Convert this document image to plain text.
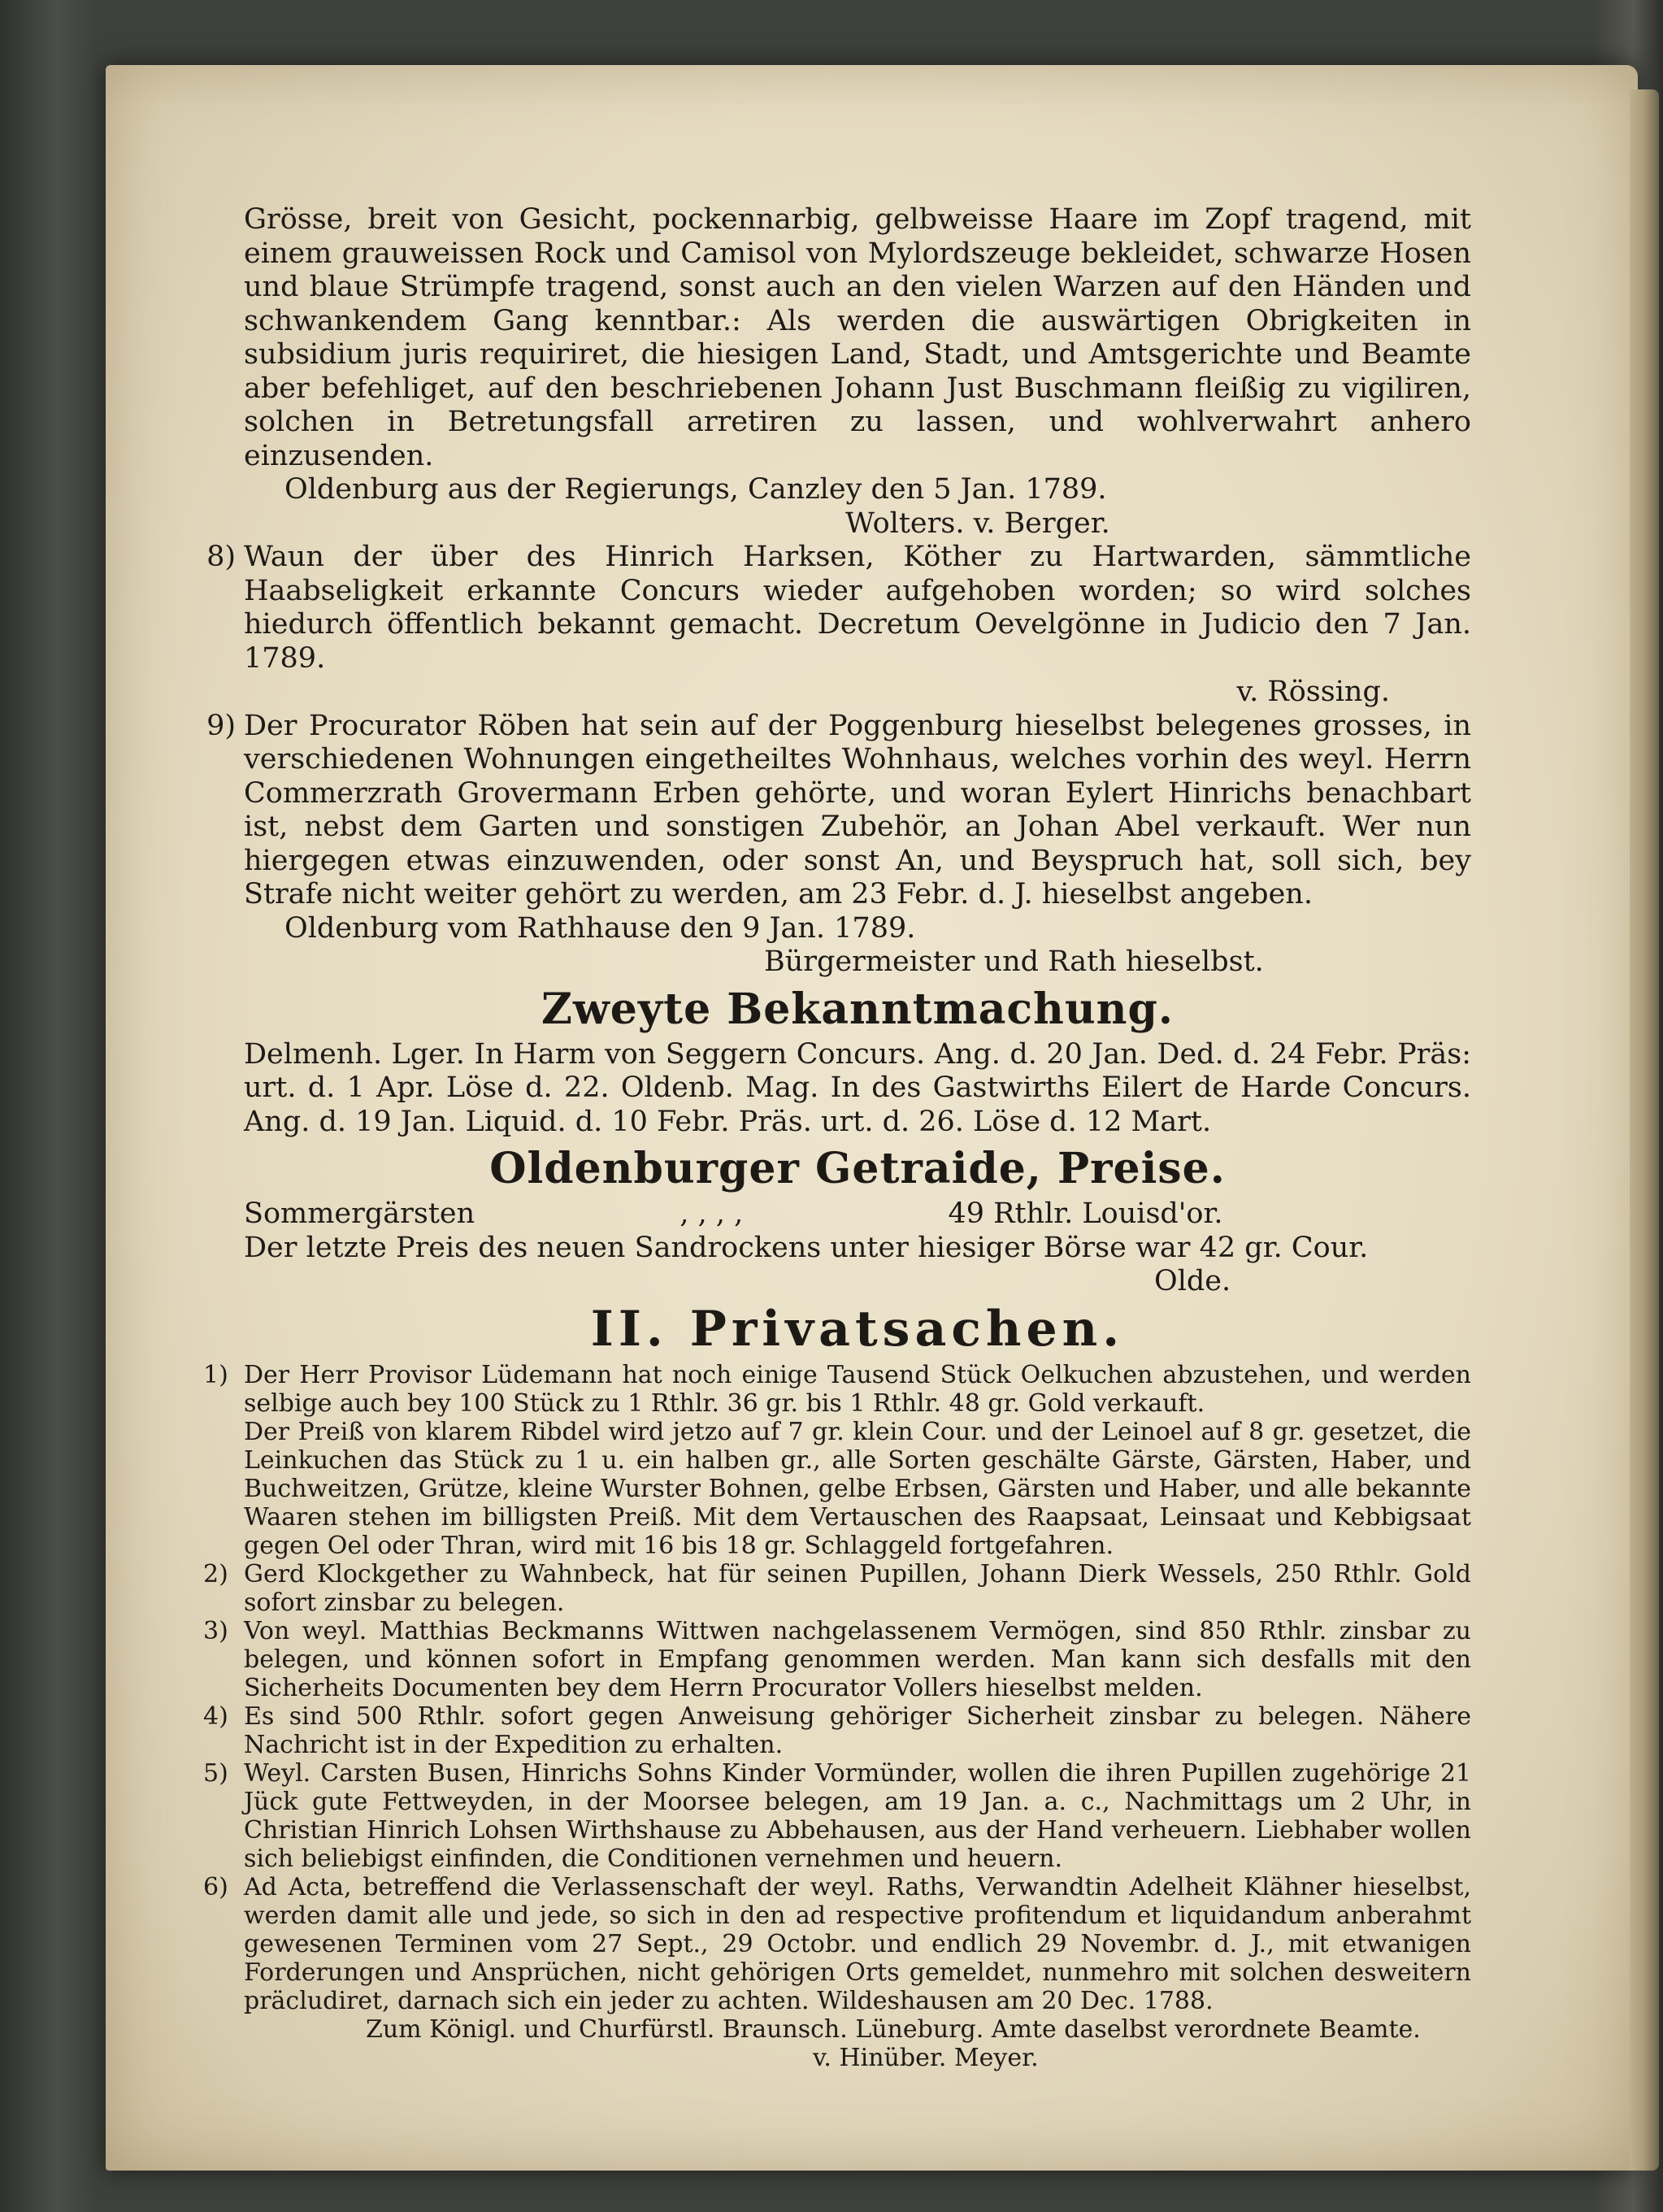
Grösse, breit von Gesicht, pockennarbig, gelbweisse Haare im Zopf tragend, mit einem grauweissen Rock und Camisol von Mylordszeuge bekleidet, schwarze Hosen und blaue Strümpfe tragend, sonst auch an den vielen Warzen auf den Händen und schwankendem Gang kenntbar.: Als werden die auswärtigen Obrigkeiten in subsidium juris requiriret, die hiesigen Land, Stadt, und Amtsgerichte und Beamte aber befehliget, auf den beschriebenen Johann Just Buschmann fleißig zu vigiliren, solchen in Betretungsfall arretiren zu lassen, und wohlverwahrt anhero einzusenden.

Oldenburg aus der Regierungs, Canzley den 5 Jan. 1789.

Wolters. v. Berger.

8) Waun der über des Hinrich Harksen, Köther zu Hartwarden, sämmtliche Haabseligkeit erkannte Concurs wieder aufgehoben worden; so wird solches hiedurch öffentlich bekannt gemacht. Decretum Oevelgönne in Judicio den 7 Jan. 1789.

v. Rössing.

9) Der Procurator Röben hat sein auf der Poggenburg hieselbst belegenes grosses, in verschiedenen Wohnungen eingetheiltes Wohnhaus, welches vorhin des weyl. Herrn Commerzrath Grovermann Erben gehörte, und woran Eylert Hinrichs benachbart ist, nebst dem Garten und sonstigen Zubehör, an Johan Abel verkauft. Wer nun hiergegen etwas einzuwenden, oder sonst An, und Beyspruch hat, soll sich, bey Strafe nicht weiter gehört zu werden, am 23 Febr. d. J. hieselbst angeben.

Oldenburg vom Rathhause den 9 Jan. 1789.

Bürgermeister und Rath hieselbst.

Zweyte Bekanntmachung.

Delmenh. Lger. In Harm von Seggern Concurs. Ang. d. 20 Jan. Ded. d. 24 Febr. Präs: urt. d. 1 Apr. Löse d. 22. Oldenb. Mag. In des Gastwirths Eilert de Harde Concurs. Ang. d. 19 Jan. Liquid. d. 10 Febr. Präs. urt. d. 26. Löse d. 12 Mart.

Oldenburger Getraide, Preise.

Sommergärsten	, , , ,	49 Rthlr. Louisd'or.

Der letzte Preis des neuen Sandrockens unter hiesiger Börse war 42 gr. Cour.

Olde.

II. Privatsachen.
1) Der Herr Provisor Lüdemann hat noch einige Tausend Stück Oelkuchen abzustehen, und werden selbige auch bey 100 Stück zu 1 Rthlr. 36 gr. bis 1 Rthlr. 48 gr. Gold verkauft.

Der Preiß von klarem Ribdel wird jetzo auf 7 gr. klein Cour. und der Leinoel auf 8 gr. gesetzet, die Leinkuchen das Stück zu 1 u. ein halben gr., alle Sorten geschälte Gärste, Gärsten, Haber, und Buchweitzen, Grütze, kleine Wurster Bohnen, gelbe Erbsen, Gärsten und Haber, und alle bekannte Waaren stehen im billigsten Preiß. Mit dem Vertauschen des Raapsaat, Leinsaat und Kebbigsaat gegen Oel oder Thran, wird mit 16 bis 18 gr. Schlaggeld fortgefahren.

2) Gerd Klockgether zu Wahnbeck, hat für seinen Pupillen, Johann Dierk Wessels, 250 Rthlr. Gold sofort zinsbar zu belegen.

3) Von weyl. Matthias Beckmanns Wittwen nachgelassenem Vermögen, sind 850 Rthlr. zinsbar zu belegen, und können sofort in Empfang genommen werden. Man kann sich desfalls mit den Sicherheits Documenten bey dem Herrn Procurator Vollers hieselbst melden.

4) Es sind 500 Rthlr. sofort gegen Anweisung gehöriger Sicherheit zinsbar zu belegen. Nähere Nachricht ist in der Expedition zu erhalten.

5) Weyl. Carsten Busen, Hinrichs Sohns Kinder Vormünder, wollen die ihren Pupillen zugehörige 21 Jück gute Fettweyden, in der Moorsee belegen, am 19 Jan. a. c., Nachmittags um 2 Uhr, in Christian Hinrich Lohsen Wirthshause zu Abbehausen, aus der Hand verheuern. Liebhaber wollen sich beliebigst einfinden, die Conditionen vernehmen und heuern.

6) Ad Acta, betreffend die Verlassenschaft der weyl. Raths, Verwandtin Adelheit Klähner hieselbst, werden damit alle und jede, so sich in den ad respective profitendum et liquidandum anberahmt gewesenen Terminen vom 27 Sept., 29 Octobr. und endlich 29 Novembr. d. J., mit etwanigen Forderungen und Ansprüchen, nicht gehörigen Orts gemeldet, nunmehro mit solchen desweitern präcludiret, darnach sich ein jeder zu achten. Wildeshausen am 20 Dec. 1788.

Zum Königl. und Churfürstl. Braunsch. Lüneburg. Amte daselbst verordnete Beamte.

v. Hinüber. Meyer.
